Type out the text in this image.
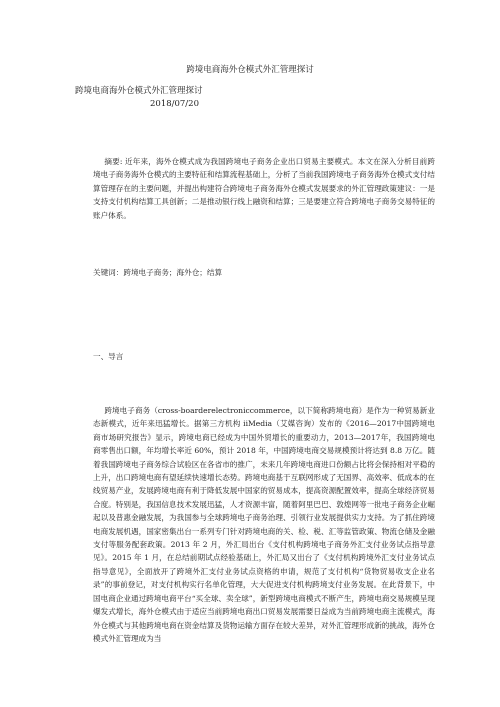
跨境电商海外仓模式外汇管理探讨
跨境电商海外仓模式外汇管理探讨
2018/07/20
摘要: 近年来，海外仓模式成为我国跨境电子商务企业出口贸易主要模式。本文在深入分析目前跨境电子商务海外仓模式的主要特征和结算流程基础上，分析了当前我国跨境电子商务海外仓模式支付结算管理存在的主要问题，并提出构建符合跨境电子商务海外仓模式发展要求的外汇管理政策建议：一是支持支付机构结算工具创新；二是推动银行线上融资和结算；三是要建立符合跨境电子商务交易特征的账户体系。
关键词：跨境电子商务；海外仓；结算
一、导言
跨境电子商务（cross-boarderelectroniccommerce，以下简称跨境电商）是作为一种贸易新业态新模式，近年来迅猛增长。据第三方机构 iiMedia（艾媒咨询）发布的《2016—2017中国跨境电商市场研究报告》显示，跨境电商已经成为中国外贸增长的重要动力，2013—2017年，我国跨境电商零售出口额，年均增长率近 60%，预计 2018 年，中国跨境电商交易规模预计将达到 8.8 万亿。随着我国跨境电子商务综合试验区在各省市的推广，未来几年跨境电商进口份额占比将会保持相对平稳的上升，出口跨境电商有望延续快速增长态势。跨境电商基于互联网形成了无国界、高效率、低成本的在线贸易产业，发展跨境电商有利于降低发展中国家的贸易成本，提高资源配置效率，提高全球经济贸易合度。特别是，我国信息技术发展迅猛，人才资源丰富，随着阿里巴巴、敦煌网等一批电子商务企业崛起以及普惠金融发展，为我国参与全球跨境电子商务治理、引领行业发展提供实力支持。为了抓住跨境电商发展机遇，国家密集出台一系列专门针对跨境电商的关、检、税、汇等监管政策、物流仓储及金融支付等服务配套政策。2013 年 2 月，外汇局出台《支付机构跨境电子商务外汇支付业务试点指导意见》。2015 年 1 月，在总结前期试点经验基础上，外汇局又出台了《支付机构跨境外汇支付业务试点指导意见》，全面放开了跨境外汇支付业务试点资格的申请，规范了支付机构“货物贸易收支企业名录”的事前登记，对支付机构实行名单化管理，大大促进支付机构跨境支付业务发展。在此背景下，中国电商企业通过跨境电商平台“买全球、卖全球”，新型跨境电商模式不断产生，跨境电商交易规模呈现爆发式增长，海外仓模式由于适应当前跨境电商出口贸易发展需要日益成为当前跨境电商主流模式，海外仓模式与其他跨境电商在资金结算及货物运输方面存在较大差异，对外汇管理形成新的挑战，海外仓模式外汇管理成为当
